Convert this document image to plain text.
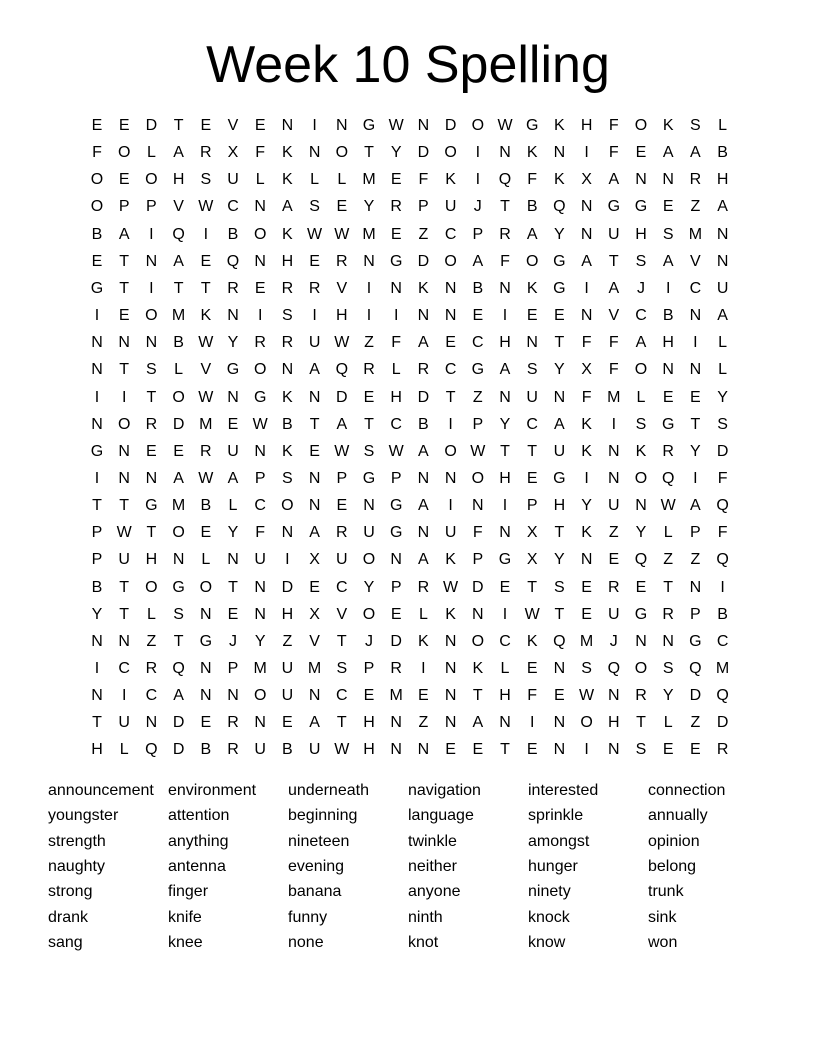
Week 10 Spelling
E	E	D	T	E	V	E	N	I	N G W N D O W G K	H	F	O K	S	L
F	O	L	A	R	X	F	K	N O	T	Y	D O	I	N	K	N	I	F	E	A	A	B
O E O H	S	U	L	K	L	L	M E	F	K	I	Q	F	K	X	A	N N R H
O P	P	V W C N	A	S	E	Y	R	P	U	J	T	B Q N G G E	Z	A
B	A	I	Q	I	B O K W W M E	Z	C	P	R	A	Y	N U H	S M N
E	T	N	A	E Q N H	E	R N G D O A	F	O G A	T	S	A	V	N
G	T	I	T	T	R	E	R R	V	I	N	K	N	B	N	K G	I	A	J	I	C U
I	E O M K	N	I	S	I	H	I	I	N N	E	I	E	E	N	V	C	B	N	A
N N N	B W Y	R R U W Z	F	A	E	C H N	T	F	F	A	H	I	L
N	T	S	L	V G O N	A Q R	L	R C G A	S	Y	X	F	O N N	L
I	I	T	O W N G K	N D	E	H D	T	Z	N U N	F M	L	E	E	Y
N O R D M E W B	T	A	T	C	B	I	P	Y	C	A	K	I	S G	T	S
G N	E	E	R U N	K	E W S W A O W T	T	U	K	N	K	R	Y	D
I	N N	A W A	P	S	N	P G P	N N O H	E G	I	N O Q	I	F
T	T	G M B	L	C O N	E	N G A	I	N	I	P	H	Y	U N W A Q
P W T	O E	Y	F	N	A	R U G N U	F	N	X	T	K	Z	Y	L	P	F
P	U H N	L	N U	I	X	U O N	A	K	P G X	Y	N	E Q	Z	Z	Q
B	T	O G O	T	N D	E	C	Y	P	R W D	E	T	S	E	R	E	T	N	I
Y	T	L	S	N	E	N H	X	V O E	L	K	N	I	W T	E	U G R	P	B
N N	Z	T	G	J	Y	Z	V	T	J	D	K	N O C	K Q M	J	N N G C
I	C R Q N	P M U M S	P	R	I	N	K	L	E	N	S Q O S Q M
N	I	C	A	N N O U N C	E M E	N	T	H	F	E W N R	Y	D Q
T	U N D	E	R N	E	A	T	H N	Z	N	A	N	I	N O H	T	L	Z	D
H	L	Q D	B	R U	B	U W H N N	E	E	T	E	N	I	N	S	E	E	R
announcement environment underneath navigation	interested	connection
youngster	attention	beginning	language	sprinkle	annually
strength	anything	nineteen	twinkle	amongst	opinion
naughty	antenna	evening	neither	hunger	belong
strong	finger	banana	anyone	ninety	trunk
drank	knife	funny	ninth	knock	sink
sang	knee	none	knot	know	won
